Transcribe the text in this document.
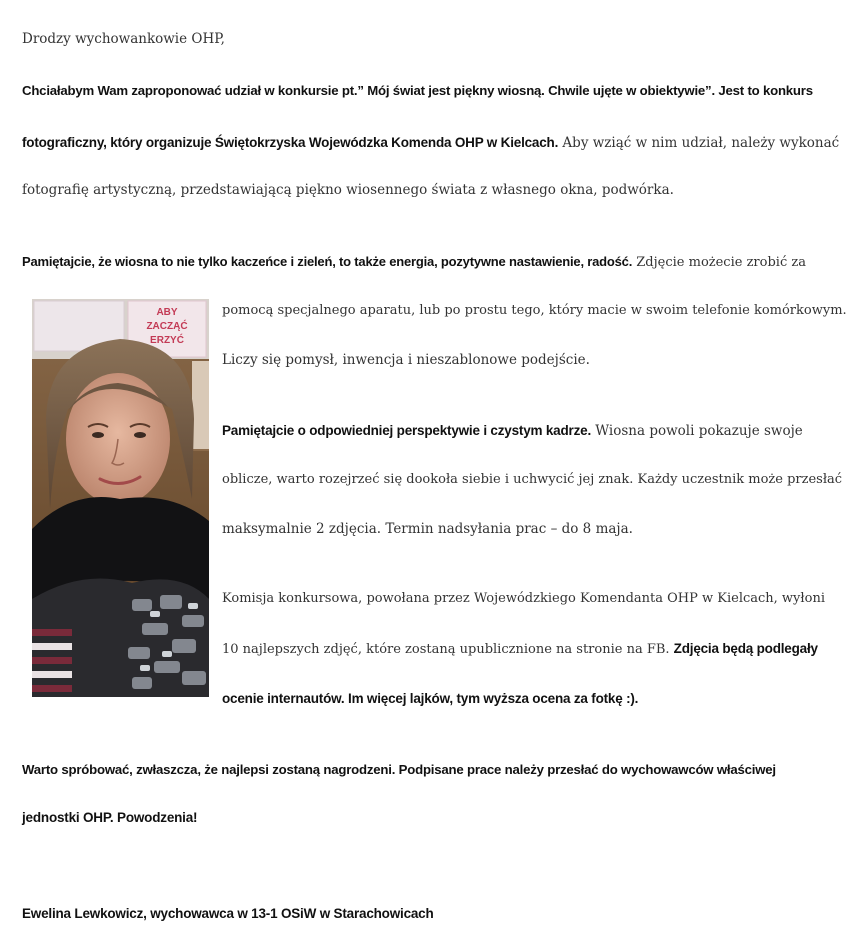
Drodzy wychowankowie OHP,
Chciałabym Wam zaproponować udział w konkursie pt.” Mój świat jest piękny wiosną. Chwile ujęte w obiektywie”. Jest to konkurs
fotograficzny, który organizuje Świętokrzyska Wojewódzka Komenda OHP w Kielcach. Aby wziąć w nim udział, należy wykonać
fotografię artystyczną, przedstawiającą piękno wiosennego świata z własnego okna, podwórka.
Pamiętajcie, że wiosna to nie tylko kaczeńce i zieleń, to także energia, pozytywne nastawienie, radość. Zdjęcie możecie zrobić za
pomocą specjalnego aparatu, lub po prostu tego, który macie w swoim telefonie komórkowym.
Liczy się pomysł, inwencja i nieszablonowe podejście.
Pamiętajcie o odpowiedniej perspektywie i czystym kadrze. Wiosna powoli pokazuje swoje
oblicze, warto rozejrzeć się dookoła siebie i uchwycić jej znak. Każdy uczestnik może przesłać
maksymalnie 2 zdjęcia. Termin nadsyłania prac – do 8 maja.
Komisja konkursowa, powołana przez Wojewódzkiego Komendanta OHP w Kielcach, wyłoni
10 najlepszych zdjęć, które zostaną upublicznione na stronie na FB. Zdjęcia będą podlegały
ocenie internautów. Im więcej lajków, tym wyższa ocena za fotkę :).
Warto spróbować, zwłaszcza, że najlepsi zostaną nagrodzeni. Podpisane prace należy przesłać do wychowawców właściwej
jednostki OHP. Powodzenia!
Ewelina Lewkowicz, wychowawca w 13-1 OSiW w Starachowicach
ABY
ZACZĄĆ
ERZYĆ
